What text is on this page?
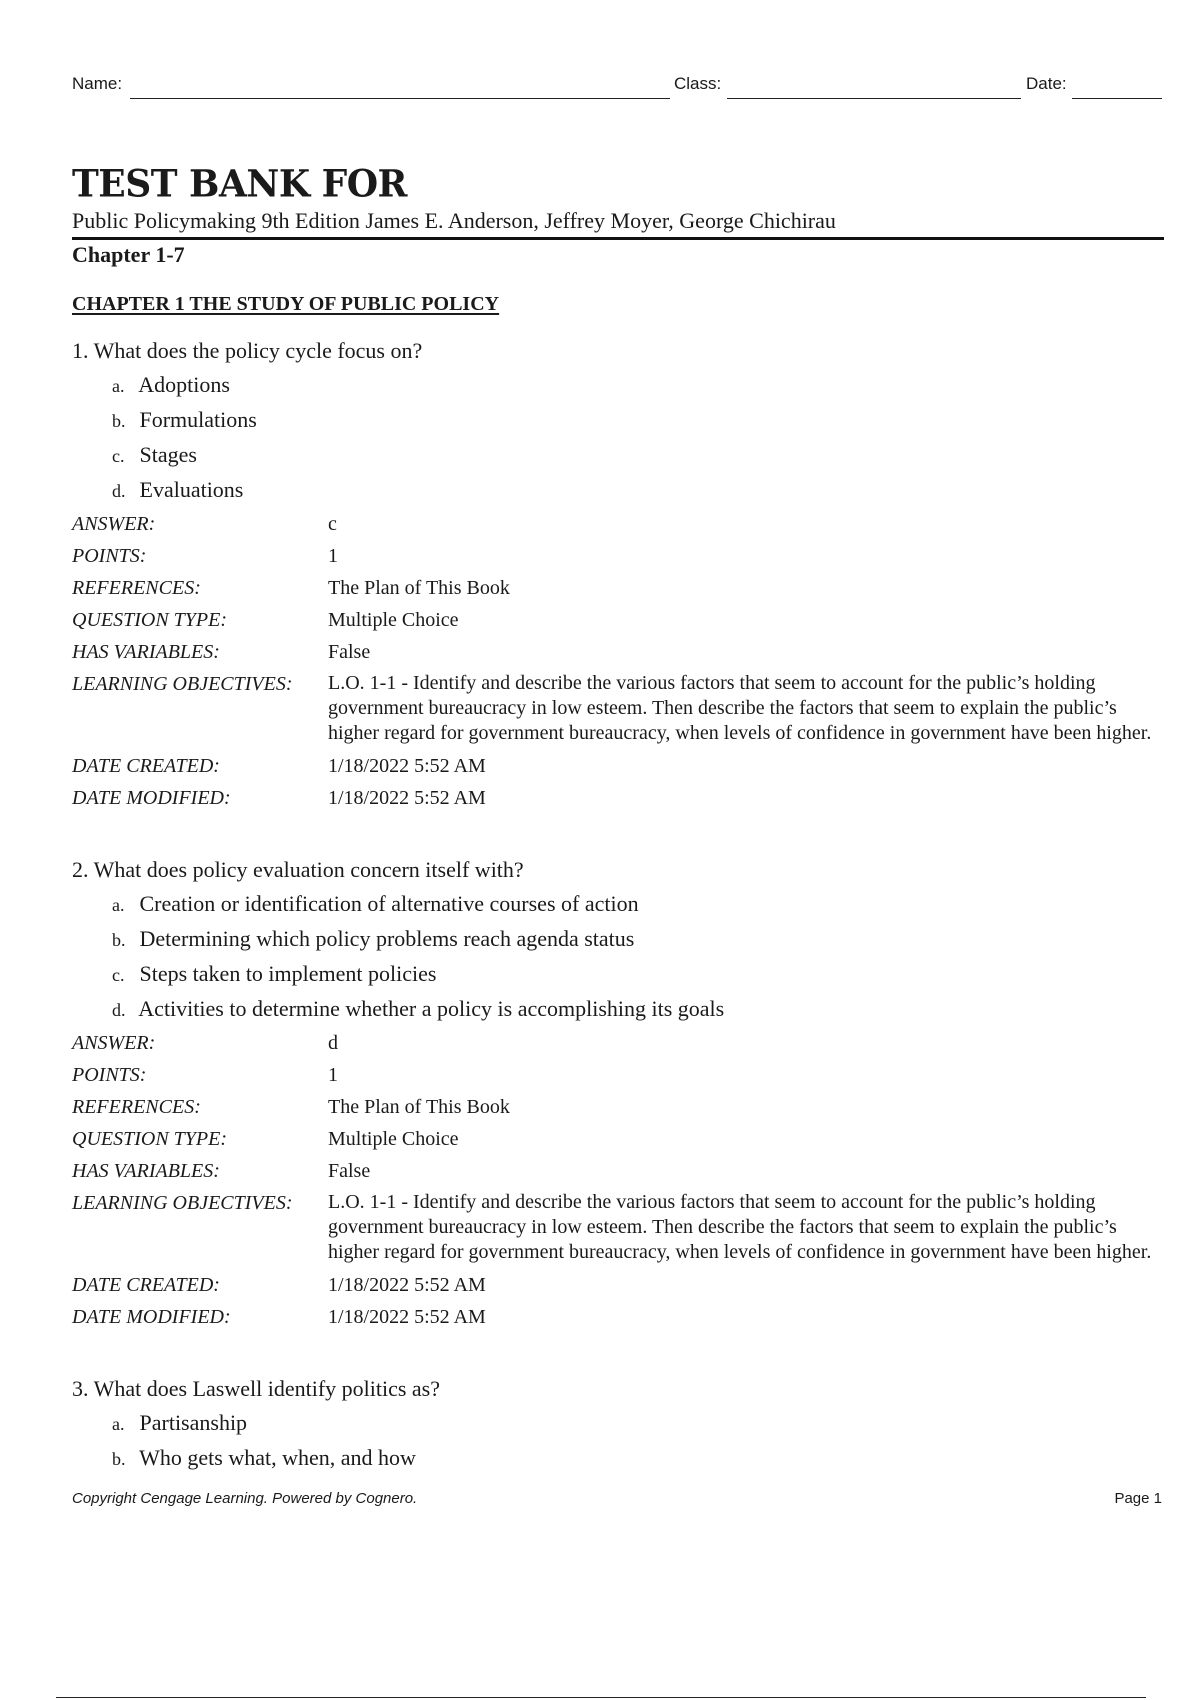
Name:	Class:	Date:
TEST BANK FOR
Public Policymaking 9th Edition James E. Anderson, Jeffrey Moyer, George Chichirau
Chapter 1-7
CHAPTER 1 THE STUDY OF PUBLIC POLICY
1. What does the policy cycle focus on?
a. Adoptions
b. Formulations
c. Stages
d. Evaluations
ANSWER:	c
POINTS:	1
REFERENCES:	The Plan of This Book
QUESTION TYPE:	Multiple Choice
HAS VARIABLES:	False
LEARNING OBJECTIVES:	L.O. 1-1 - Identify and describe the various factors that seem to account for the public’s holding government bureaucracy in low esteem. Then describe the factors that seem to explain the public’s higher regard for government bureaucracy, when levels of confidence in government have been higher.
DATE CREATED:	1/18/2022 5:52 AM
DATE MODIFIED:	1/18/2022 5:52 AM
2. What does policy evaluation concern itself with?
a. Creation or identification of alternative courses of action
b. Determining which policy problems reach agenda status
c. Steps taken to implement policies
d. Activities to determine whether a policy is accomplishing its goals
ANSWER:	d
POINTS:	1
REFERENCES:	The Plan of This Book
QUESTION TYPE:	Multiple Choice
HAS VARIABLES:	False
LEARNING OBJECTIVES:	L.O. 1-1 - Identify and describe the various factors that seem to account for the public’s holding government bureaucracy in low esteem. Then describe the factors that seem to explain the public’s higher regard for government bureaucracy, when levels of confidence in government have been higher.
DATE CREATED:	1/18/2022 5:52 AM
DATE MODIFIED:	1/18/2022 5:52 AM
3. What does Laswell identify politics as?
a. Partisanship
b. Who gets what, when, and how
Copyright Cengage Learning. Powered by Cognero.	Page 1
